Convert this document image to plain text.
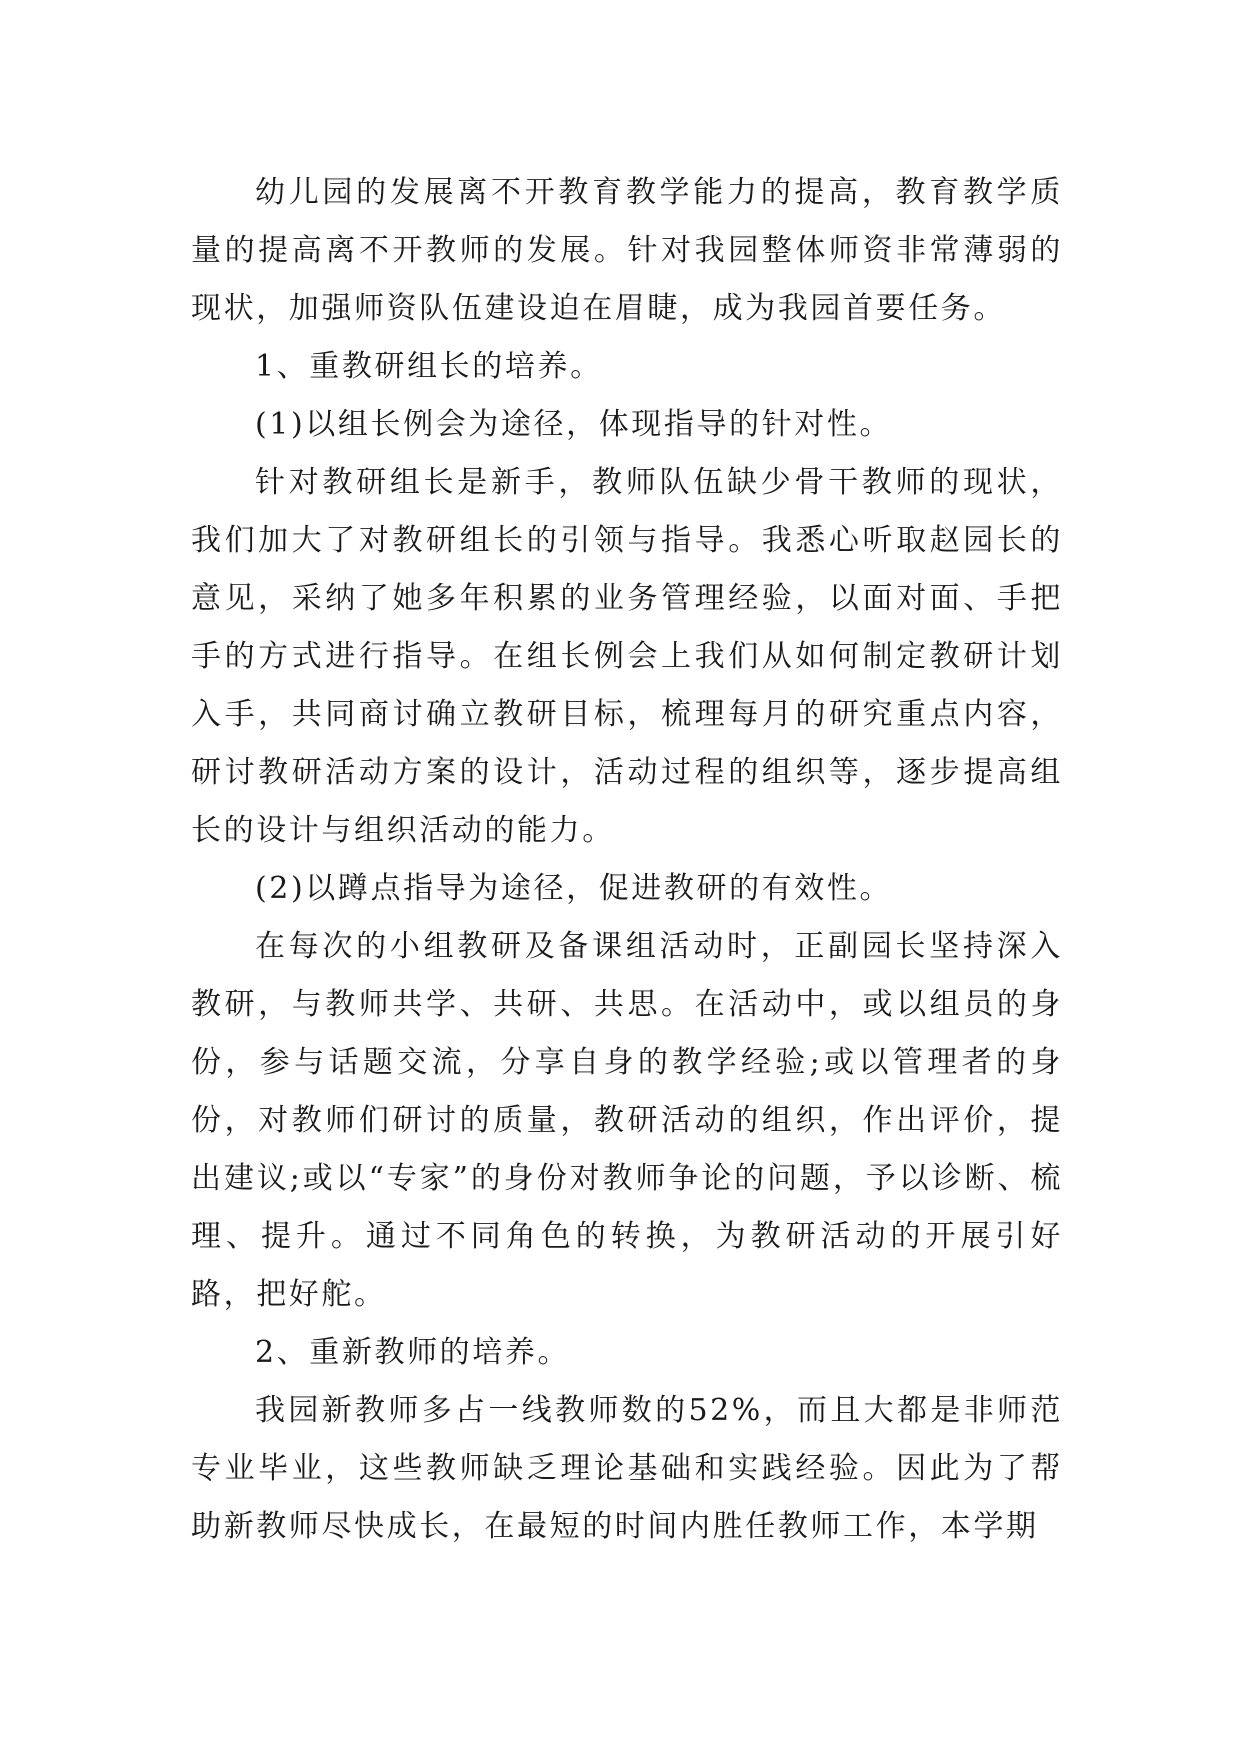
幼儿园的发展离不开教育教学能力的提高，教育教学质量的提高离不开教师的发展。针对我园整体师资非常薄弱的现状，加强师资队伍建设迫在眉睫，成为我园首要任务。

1、重教研组长的培养。

(1)以组长例会为途径，体现指导的针对性。

针对教研组长是新手，教师队伍缺少骨干教师的现状，我们加大了对教研组长的引领与指导。我悉心听取赵园长的意见，采纳了她多年积累的业务管理经验，以面对面、手把手的方式进行指导。在组长例会上我们从如何制定教研计划入手，共同商讨确立教研目标，梳理每月的研究重点内容，研讨教研活动方案的设计，活动过程的组织等，逐步提高组长的设计与组织活动的能力。

(2)以蹲点指导为途径，促进教研的有效性。

在每次的小组教研及备课组活动时，正副园长坚持深入教研，与教师共学、共研、共思。在活动中，或以组员的身份，参与话题交流，分享自身的教学经验;或以管理者的身份，对教师们研讨的质量，教研活动的组织，作出评价，提出建议;或以“专家”的身份对教师争论的问题，予以诊断、梳理、提升。通过不同角色的转换，为教研活动的开展引好路，把好舵。

2、重新教师的培养。

我园新教师多占一线教师数的52%，而且大都是非师范专业毕业，这些教师缺乏理论基础和实践经验。因此为了帮助新教师尽快成长，在最短的时间内胜任教师工作，本学期
